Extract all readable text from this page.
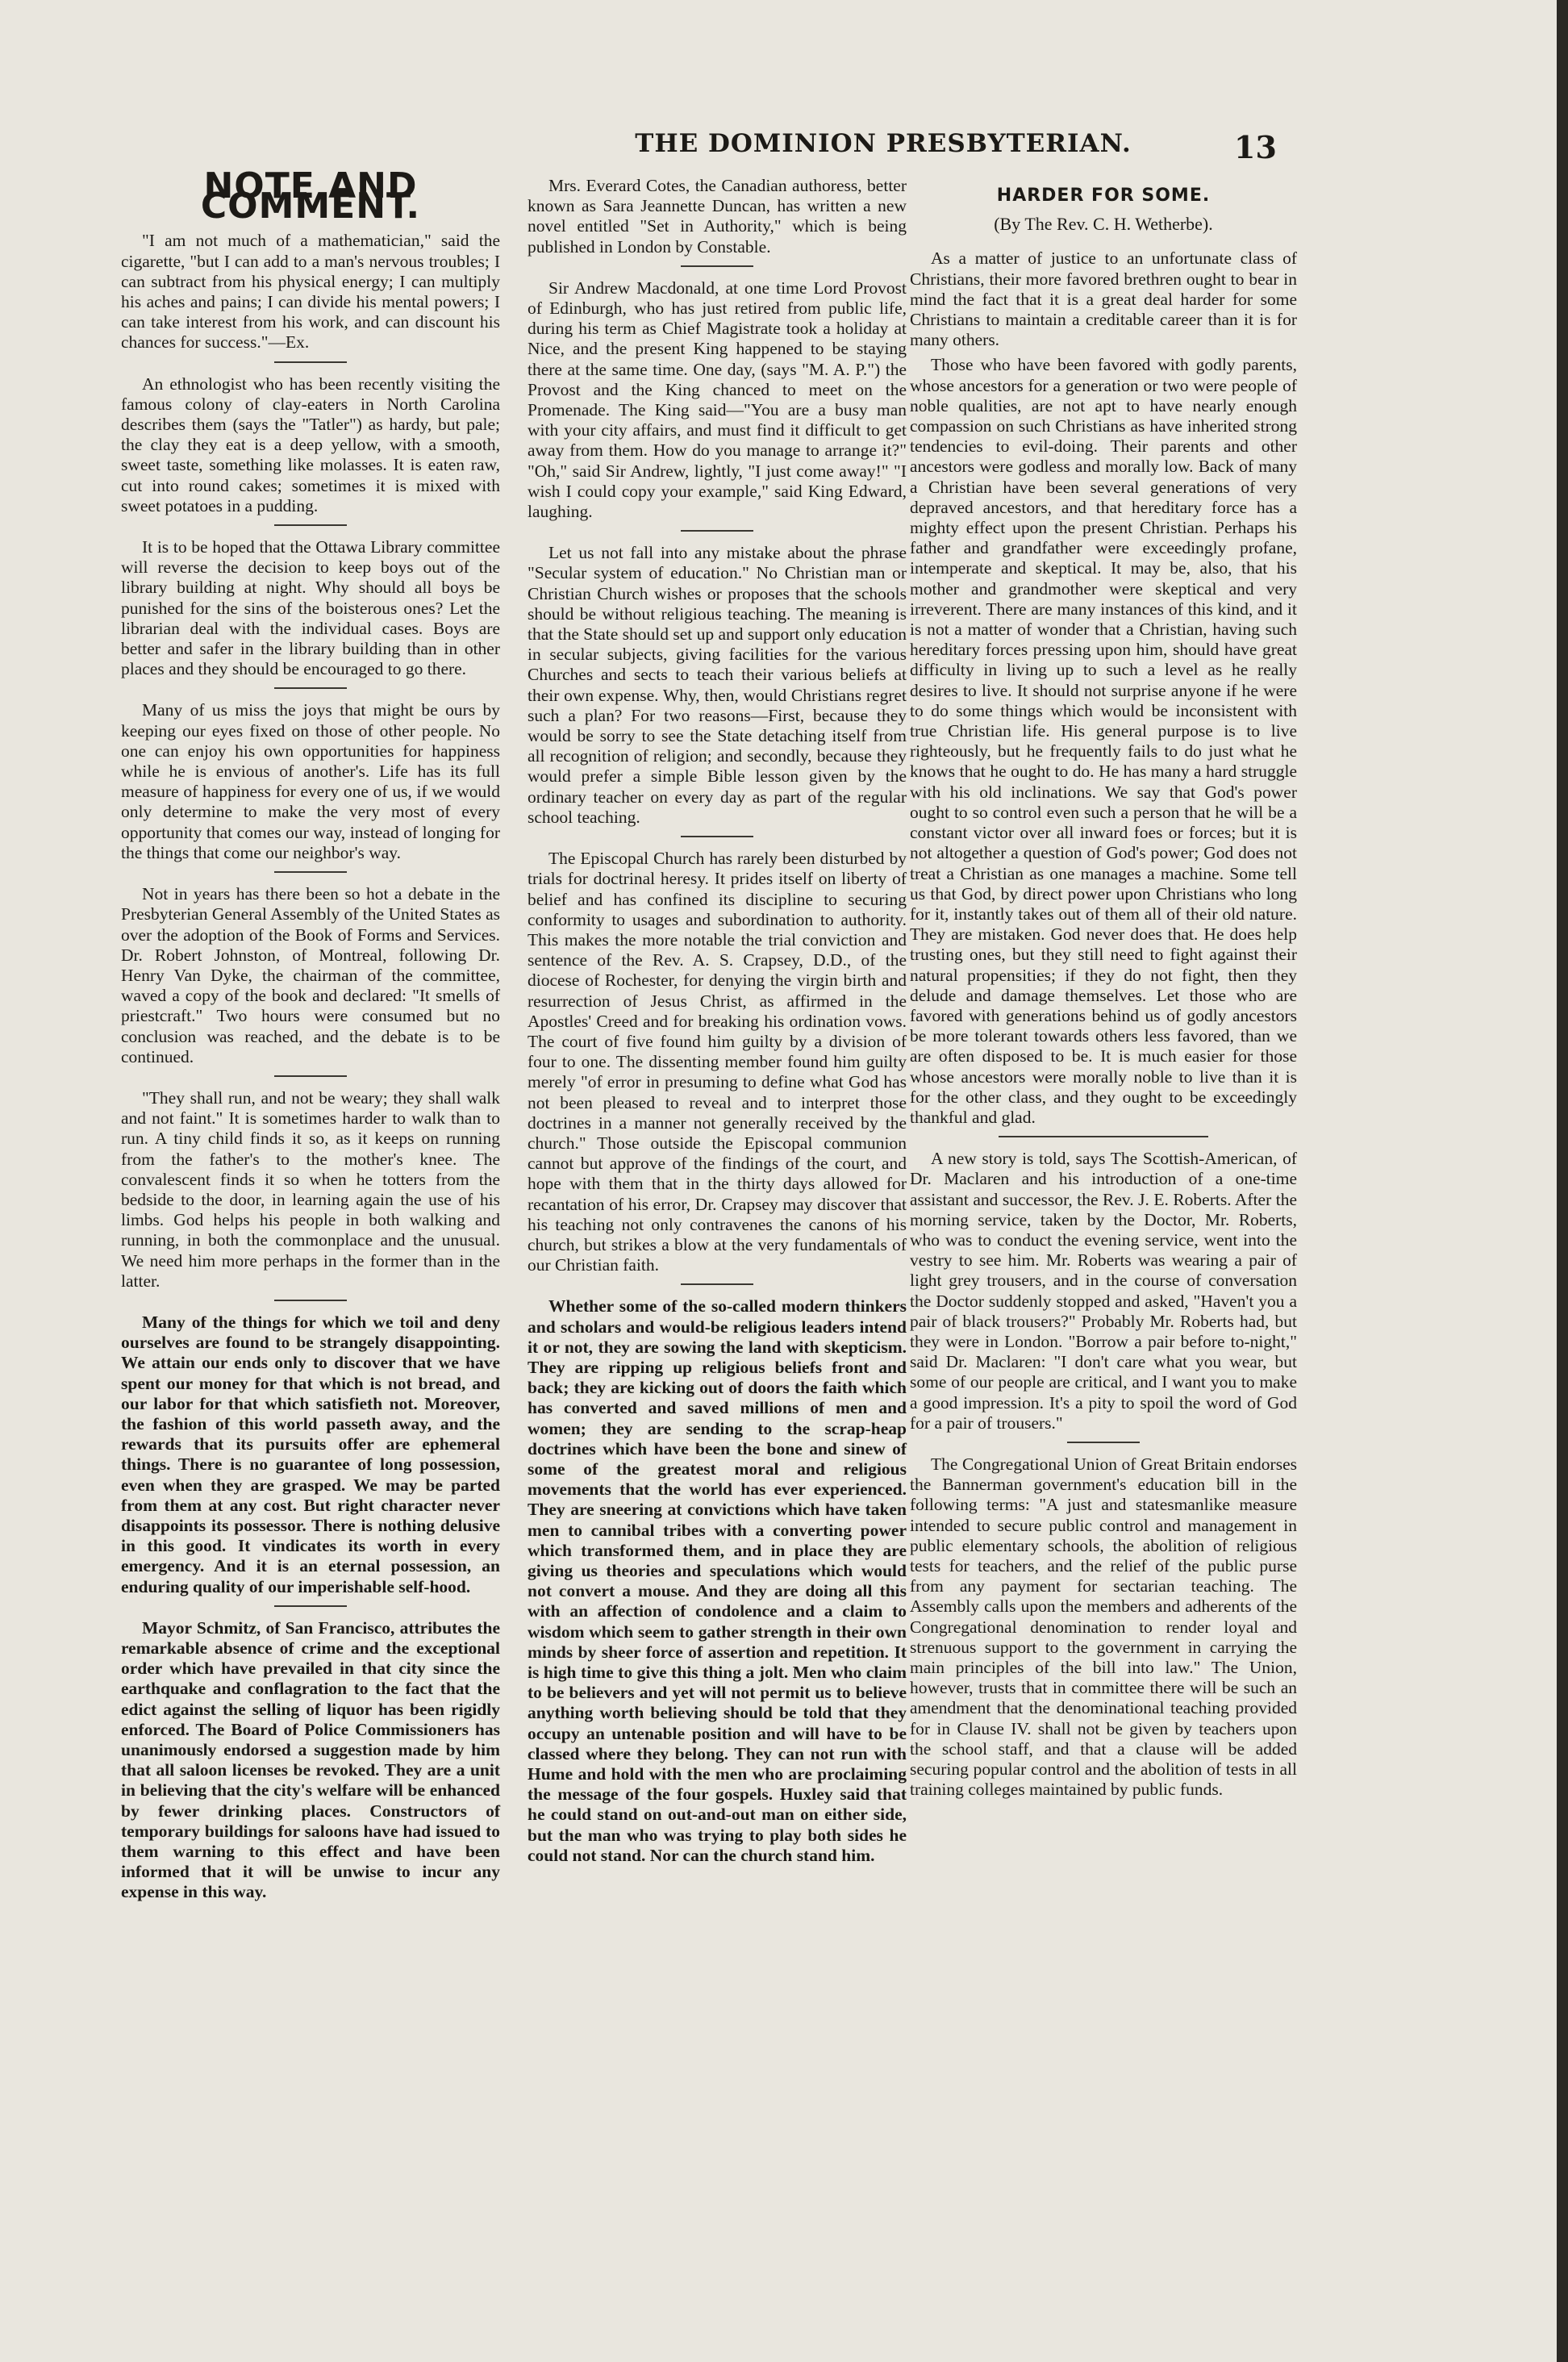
THE DOMINION PRESBYTERIAN.	13
NOTE AND COMMENT.

"I am not much of a mathematician," said the cigarette, "but I can add to a man's nervous troubles; I can subtract from his physical energy; I can multiply his aches and pains; I can divide his mental powers; I can take interest from his work, and can discount his chances for success."—Ex.

An ethnologist who has been recently visiting the famous colony of clay-eaters in North Carolina describes them (says the "Tatler") as hardy, but pale; the clay they eat is a deep yellow, with a smooth, sweet taste, something like molasses. It is eaten raw, cut into round cakes; sometimes it is mixed with sweet potatoes in a pudding.

It is to be hoped that the Ottawa Library committee will reverse the decision to keep boys out of the library building at night. Why should all boys be punished for the sins of the boisterous ones? Let the librarian deal with the individual cases. Boys are better and safer in the library building than in other places and they should be encouraged to go there.

Many of us miss the joys that might be ours by keeping our eyes fixed on those of other people. No one can enjoy his own opportunities for happiness while he is envious of another's. Life has its full measure of happiness for every one of us, if we would only determine to make the very most of every opportunity that comes our way, instead of longing for the things that come our neighbor's way.

Not in years has there been so hot a debate in the Presbyterian General Assembly of the United States as over the adoption of the Book of Forms and Services. Dr. Robert Johnston, of Montreal, following Dr. Henry Van Dyke, the chairman of the committee, waved a copy of the book and declared: "It smells of priestcraft." Two hours were consumed but no conclusion was reached, and the debate is to be continued.

"They shall run, and not be weary; they shall walk and not faint." It is sometimes harder to walk than to run. A tiny child finds it so, as it keeps on running from the father's to the mother's knee. The convalescent finds it so when he totters from the bedside to the door, in learning again the use of his limbs. God helps his people in both walking and running, in both the commonplace and the unusual. We need him more perhaps in the former than in the latter.

Many of the things for which we toil and deny ourselves are found to be strangely disappointing. We attain our ends only to discover that we have spent our money for that which is not bread, and our labor for that which satisfieth not. Moreover, the fashion of this world passeth away, and the rewards that its pursuits offer are ephemeral things. There is no guarantee of long possession, even when they are grasped. We may be parted from them at any cost. But right character never disappoints its possessor. There is nothing delusive in this good. It vindicates its worth in every emergency. And it is an eternal possession, an enduring quality of our imperishable self-hood.

Mayor Schmitz, of San Francisco, attributes the remarkable absence of crime and the exceptional order which have prevailed in that city since the earthquake and conflagration to the fact that the edict against the selling of liquor has been rigidly enforced. The Board of Police Commissioners has unanimously endorsed a suggestion made by him that all saloon licenses be revoked. They are a unit in believing that the city's welfare will be enhanced by fewer drinking places. Constructors of temporary buildings for saloons have had issued to them warning to this effect and have been informed that it will be unwise to incur any expense in this way.

Mrs. Everard Cotes, the Canadian authoress, better known as Sara Jeannette Duncan, has written a new novel entitled "Set in Authority," which is being published in London by Constable.

Sir Andrew Macdonald, at one time Lord Provost of Edinburgh, who has just retired from public life, during his term as Chief Magistrate took a holiday at Nice, and the present King happened to be staying there at the same time. One day, (says "M. A. P.") the Provost and the King chanced to meet on the Promenade. The King said—"You are a busy man with your city affairs, and must find it difficult to get away from them. How do you manage to arrange it?" "Oh," said Sir Andrew, lightly, "I just come away!" "I wish I could copy your example," said King Edward, laughing.

Let us not fall into any mistake about the phrase "Secular system of education." No Christian man or Christian Church wishes or proposes that the schools should be without religious teaching. The meaning is that the State should set up and support only education in secular subjects, giving facilities for the various Churches and sects to teach their various beliefs at their own expense. Why, then, would Christians regret such a plan? For two reasons—First, because they would be sorry to see the State detaching itself from all recognition of religion; and secondly, because they would prefer a simple Bible lesson given by the ordinary teacher on every day as part of the regular school teaching.

The Episcopal Church has rarely been disturbed by trials for doctrinal heresy. It prides itself on liberty of belief and has confined its discipline to securing conformity to usages and subordination to authority. This makes the more notable the trial conviction and sentence of the Rev. A. S. Crapsey, D.D., of the diocese of Rochester, for denying the virgin birth and resurrection of Jesus Christ, as affirmed in the Apostles' Creed and for breaking his ordination vows. The court of five found him guilty by a division of four to one. The dissenting member found him guilty merely "of error in presuming to define what God has not been pleased to reveal and to interpret those doctrines in a manner not generally received by the church." Those outside the Episcopal communion cannot but approve of the findings of the court, and hope with them that in the thirty days allowed for recantation of his error, Dr. Crapsey may discover that his teaching not only contravenes the canons of his church, but strikes a blow at the very fundamentals of our Christian faith.

Whether some of the so-called modern thinkers and scholars and would-be religious leaders intend it or not, they are sowing the land with skepticism. They are ripping up religious beliefs front and back; they are kicking out of doors the faith which has converted and saved millions of men and women; they are sending to the scrap-heap doctrines which have been the bone and sinew of some of the greatest moral and religious movements that the world has ever experienced. They are sneering at convictions which have taken men to cannibal tribes with a converting power which transformed them, and in place they are giving us theories and speculations which would not convert a mouse. And they are doing all this with an affection of condolence and a claim to wisdom which seem to gather strength in their own minds by sheer force of assertion and repetition. It is high time to give this thing a jolt. Men who claim to be believers and yet will not permit us to believe anything worth believing should be told that they occupy an untenable position and will have to be classed where they belong. They can not run with Hume and hold with the men who are proclaiming the message of the four gospels. Huxley said that he could stand on out-and-out man on either side, but the man who was trying to play both sides he could not stand. Nor can the church stand him.

HARDER FOR SOME.
(By The Rev. C. H. Wetherbe).

As a matter of justice to an unfortunate class of Christians, their more favored brethren ought to bear in mind the fact that it is a great deal harder for some Christians to maintain a creditable career than it is for many others.

Those who have been favored with godly parents, whose ancestors for a generation or two were people of noble qualities, are not apt to have nearly enough compassion on such Christians as have inherited strong tendencies to evil-doing. Their parents and other ancestors were godless and morally low. Back of many a Christian have been several generations of very depraved ancestors, and that hereditary force has a mighty effect upon the present Christian. Perhaps his father and grandfather were exceedingly profane, intemperate and skeptical. It may be, also, that his mother and grandmother were skeptical and very irreverent. There are many instances of this kind, and it is not a matter of wonder that a Christian, having such hereditary forces pressing upon him, should have great difficulty in living up to such a level as he really desires to live. It should not surprise anyone if he were to do some things which would be inconsistent with true Christian life. His general purpose is to live righteously, but he frequently fails to do just what he knows that he ought to do. He has many a hard struggle with his old inclinations. We say that God's power ought to so control even such a person that he will be a constant victor over all inward foes or forces; but it is not altogether a question of God's power; God does not treat a Christian as one manages a machine. Some tell us that God, by direct power upon Christians who long for it, instantly takes out of them all of their old nature. They are mistaken. God never does that. He does help trusting ones, but they still need to fight against their natural propensities; if they do not fight, then they delude and damage themselves. Let those who are favored with generations behind us of godly ancestors be more tolerant towards others less favored, than we are often disposed to be. It is much easier for those whose ancestors were morally noble to live than it is for the other class, and they ought to be exceedingly thankful and glad.

A new story is told, says The Scottish-American, of Dr. Maclaren and his introduction of a one-time assistant and successor, the Rev. J. E. Roberts. After the morning service, taken by the Doctor, Mr. Roberts, who was to conduct the evening service, went into the vestry to see him. Mr. Roberts was wearing a pair of light grey trousers, and in the course of conversation the Doctor suddenly stopped and asked, "Haven't you a pair of black trousers?" Probably Mr. Roberts had, but they were in London. "Borrow a pair before to-night," said Dr. Maclaren: "I don't care what you wear, but some of our people are critical, and I want you to make a good impression. It's a pity to spoil the word of God for a pair of trousers."

The Congregational Union of Great Britain endorses the Bannerman government's education bill in the following terms: "A just and statesmanlike measure intended to secure public control and management in public elementary schools, the abolition of religious tests for teachers, and the relief of the public purse from any payment for sectarian teaching. The Assembly calls upon the members and adherents of the Congregational denomination to render loyal and strenuous support to the government in carrying the main principles of the bill into law." The Union, however, trusts that in committee there will be such an amendment that the denominational teaching provided for in Clause IV. shall not be given by teachers upon the school staff, and that a clause will be added securing popular control and the abolition of tests in all training colleges maintained by public funds.
